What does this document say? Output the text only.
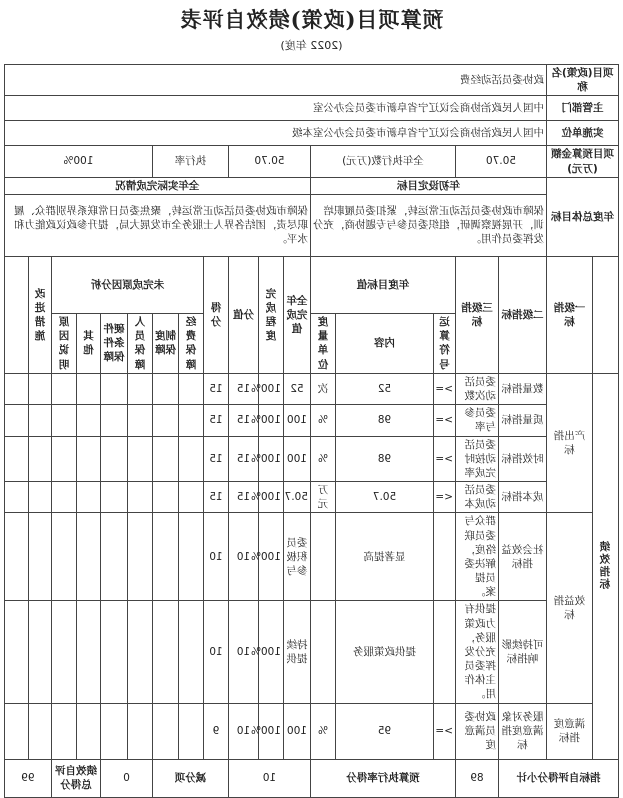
预算项目(政策)绩效自评表
(2022 年度)
项目(政策)名称		政协委员活动经费																
主管部门		中国人民政治协商会议辽宁省阜新市委员会办公室																
实施单位		中国人民政治协商会议辽宁省阜新市委员会办公室本级																
项目预算金额(万元)		50.70		全年执行数(万元)			50.70			执行率			100%					
年度总体目标		年初设定目标					全年实际完成情况											
		保障市政协委员活动正常运转，紧扣委员履职培训，开展视察调研，组织委员参与专题协商，充分发挥委员作用。					保障市政协委员活动正常运转，聚焦委员日常联系界别群众、履职尽责，团结各界人士服务全市发展大局，提升参政议政能力和水平。											
	一级指标	二级指标	三级指标	年度目标值			全年完成值	完成程度	分值	得分	未完成原因分析						改进措施	
				运算符号	内容	度量单位					经费保障	制度保障	人员保障	硬件条件保障	其他	原因说明		

绩效指标	产出指标	数量指标	委员活动次数	>=	52	次	52	100%	15	15								
		质量指标	委员参与率	>=	98	%	100	100%	15	15								
		时效指标	委员活动按时完成率	>=	98	%	100	100%	15	15								
		成本指标	委员活动成本	<=	50.7	万元	50.7	100%	15	15								
	效益指标	社会效益指标	群众与委员联络度，解决委员提案。		显著提高		委员积极参与	100%	10	10								
		可持续影响指标	提供有力政策服务，充分发挥委员主体作用。		提供政策服务		持续提供	100%	10	10								
	满意度指标	服务对象满意度指标	政协委员满意度	>=	95	%	100	100%	10	9								
指标自评得分小计			89	预算执行率得分			10			减分项			0		绩效自评总得分		99	
